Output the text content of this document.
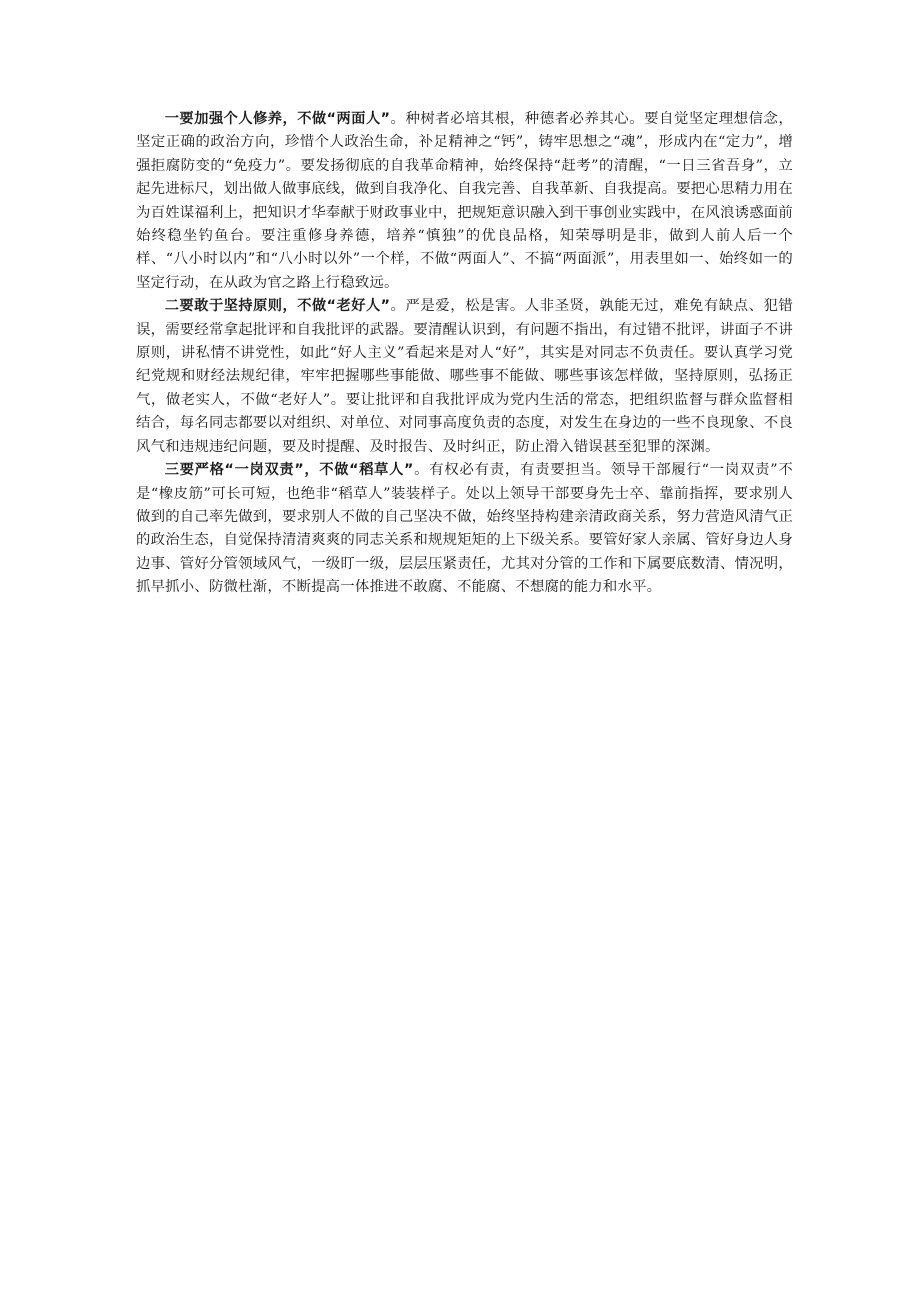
一要加强个人修养，不做“两面人”。种树者必培其根，种德者必养其心。要自觉坚定理想信念，坚定正确的政治方向，珍惜个人政治生命，补足精神之“钙”，铸牢思想之“魂”，形成内在“定力”，增强拒腐防变的“免疫力”。要发扬彻底的自我革命精神，始终保持“赶考”的清醒，“一日三省吾身”，立起先进标尺，划出做人做事底线，做到自我净化、自我完善、自我革新、自我提高。要把心思精力用在为百姓谋福利上，把知识才华奉献于财政事业中，把规矩意识融入到干事创业实践中，在风浪诱惑面前始终稳坐钓鱼台。要注重修身养德，培养“慎独”的优良品格，知荣辱明是非，做到人前人后一个样、“八小时以内”和“八小时以外”一个样，不做“两面人”、不搞“两面派”，用表里如一、始终如一的坚定行动，在从政为官之路上行稳致远。

二要敢于坚持原则，不做“老好人”。严是爱，松是害。人非圣贤，孰能无过，难免有缺点、犯错误，需要经常拿起批评和自我批评的武器。要清醒认识到，有问题不指出，有过错不批评，讲面子不讲原则，讲私情不讲党性，如此“好人主义”看起来是对人“好”，其实是对同志不负责任。要认真学习党纪党规和财经法规纪律，牢牢把握哪些事能做、哪些事不能做、哪些事该怎样做，坚持原则，弘扬正气，做老实人，不做“老好人”。要让批评和自我批评成为党内生活的常态，把组织监督与群众监督相结合，每名同志都要以对组织、对单位、对同事高度负责的态度，对发生在身边的一些不良现象、不良风气和违规违纪问题，要及时提醒、及时报告、及时纠正，防止滑入错误甚至犯罪的深渊。

三要严格“一岗双责”，不做“稻草人”。有权必有责，有责要担当。领导干部履行“一岗双责”不是“橡皮筋”可长可短，也绝非“稻草人”装装样子。处以上领导干部要身先士卒、靠前指挥，要求别人做到的自己率先做到，要求别人不做的自己坚决不做，始终坚持构建亲清政商关系，努力营造风清气正的政治生态，自觉保持清清爽爽的同志关系和规规矩矩的上下级关系。要管好家人亲属、管好身边人身边事、管好分管领域风气，一级盯一级，层层压紧责任，尤其对分管的工作和下属要底数清、情况明，抓早抓小、防微杜渐，不断提高一体推进不敢腐、不能腐、不想腐的能力和水平。
